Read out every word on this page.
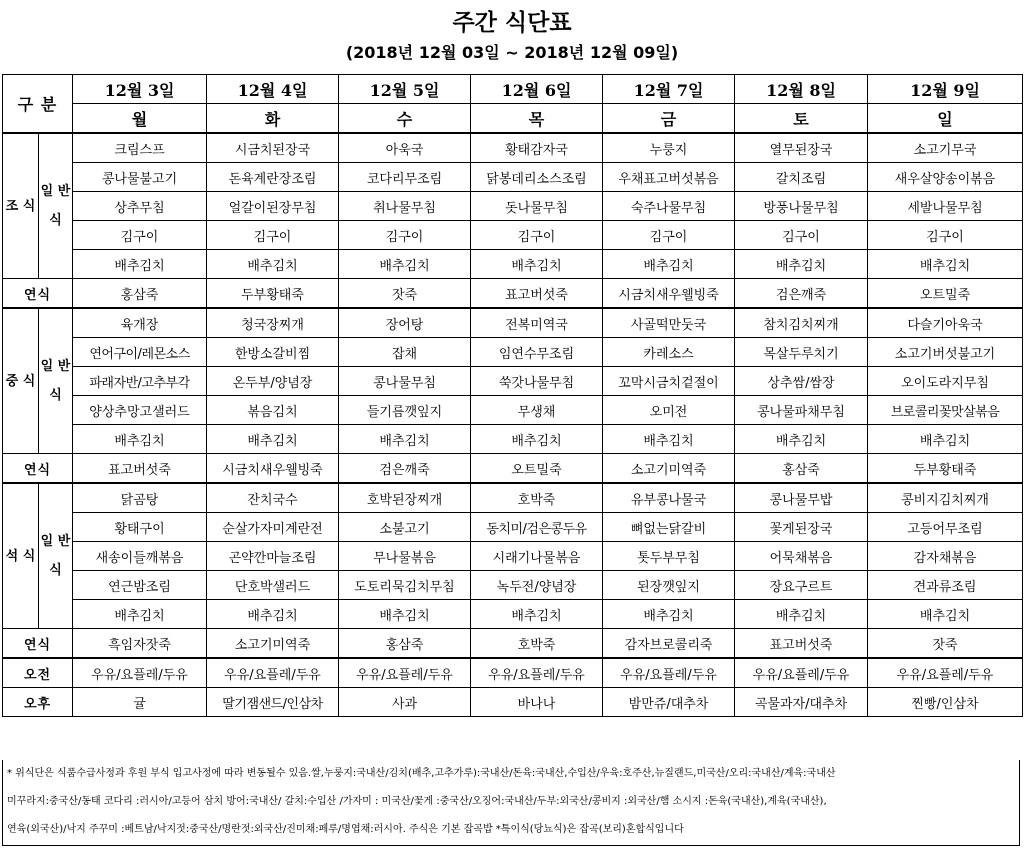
주간 식단표
(2018년 12월 03일 ~ 2018년 12월 09일)
구 분		12월 3일	12월 4일	12월 5일	12월 6일	12월 7일	12월 8일	12월 9일
		월	화	수	목	금	토	일
조 식	일 반 식	크림스프	시금치된장국	아욱국	황태감자국	누룽지	열무된장국	소고기무국
		콩나물불고기	돈육계란장조림	코다리무조림	닭봉데리소스조림	우채표고버섯볶음	갈치조림	새우살양송이볶음
		상추무침	얼갈이된장무침	취나물무침	돗나물무침	숙주나물무침	방풍나물무침	세발나물무침
		김구이	김구이	김구이	김구이	김구이	김구이	김구이
		배추김치	배추김치	배추김치	배추김치	배추김치	배추김치	배추김치
연식		홍삼죽	두부황태죽	잣죽	표고버섯죽	시금치새우웰빙죽	검은깨죽	오트밀죽
중 식	일 반 식	육개장	청국장찌개	장어탕	전복미역국	사골떡만둣국	참치김치찌개	다슬기아욱국
		연어구이/레몬소스	한방소갈비찜	잡채	임연수무조림	카레소스	목살두루치기	소고기버섯불고기
		파래자반/고추부각	온두부/양념장	콩나물무침	쑥갓나물무침	꼬막시금치겉절이	상추쌈/쌈장	오이도라지무침
		양상추망고샐러드	볶음김치	들기름깻잎지	무생채	오미전	콩나물파채무침	브로콜리꽃맛살볶음
		배추김치	배추김치	배추김치	배추김치	배추김치	배추김치	배추김치
연식		표고버섯죽	시금치새우웰빙죽	검은깨죽	오트밀죽	소고기미역죽	홍삼죽	두부황태죽
석 식	일 반 식	닭곰탕	잔치국수	호박된장찌개	호박죽	유부콩나물국	콩나물무밥	콩비지김치찌개
		황태구이	순살가자미계란전	소불고기	동치미/검은콩두유	뼈없는닭갈비	꽃게된장국	고등어무조림
		새송이들깨볶음	곤약깐마늘조림	무나물볶음	시래기나물볶음	톳두부무침	어묵채볶음	감자채볶음
		연근밤조림	단호박샐러드	도토리묵김치무침	녹두전/양념장	된장깻잎지	장요구르트	견과류조림
		배추김치	배추김치	배추김치	배추김치	배추김치	배추김치	배추김치
연식		흑임자잣죽	소고기미역죽	홍삼죽	호박죽	감자브로콜리죽	표고버섯죽	잣죽
오전		우유/요플레/두유	우유/요플레/두유	우유/요플레/두유	우유/요플레/두유	우유/요플레/두유	우유/요플레/두유	우유/요플레/두유
오후		귤	딸기잼샌드/인삼차	사과	바나나	밤만쥬/대추차	곡물과자/대추차	찐빵/인삼차
* 위식단은 식품수급사정과 후원 부식 입고사정에 따라 변동될수 있음.쌀,누룽지:국내산/김치(배추,고추가루):국내산/돈육:국내산,수입산/우육:호주산,뉴질랜드,미국산/오리:국내산/계육:국내산
미꾸라지:중국산/동태 코다리 :러시아/고등어 삼치 방어:국내산/ 갈치:수입산 /가자미 : 미국산/꽃게 :중국산/오징어:국내산/두부:외국산/콩비지 :외국산/햄 소시지 :돈육(국내산),계육(국내산),
연육(외국산)/낙지 주꾸미 :베트남/낙지젓:중국산/명란젓:외국산/진미채:페루/명엽채:러시아. 주식은 기본 잡곡밥 *특이식(당뇨식)은 잡곡(보리)혼합식입니다
